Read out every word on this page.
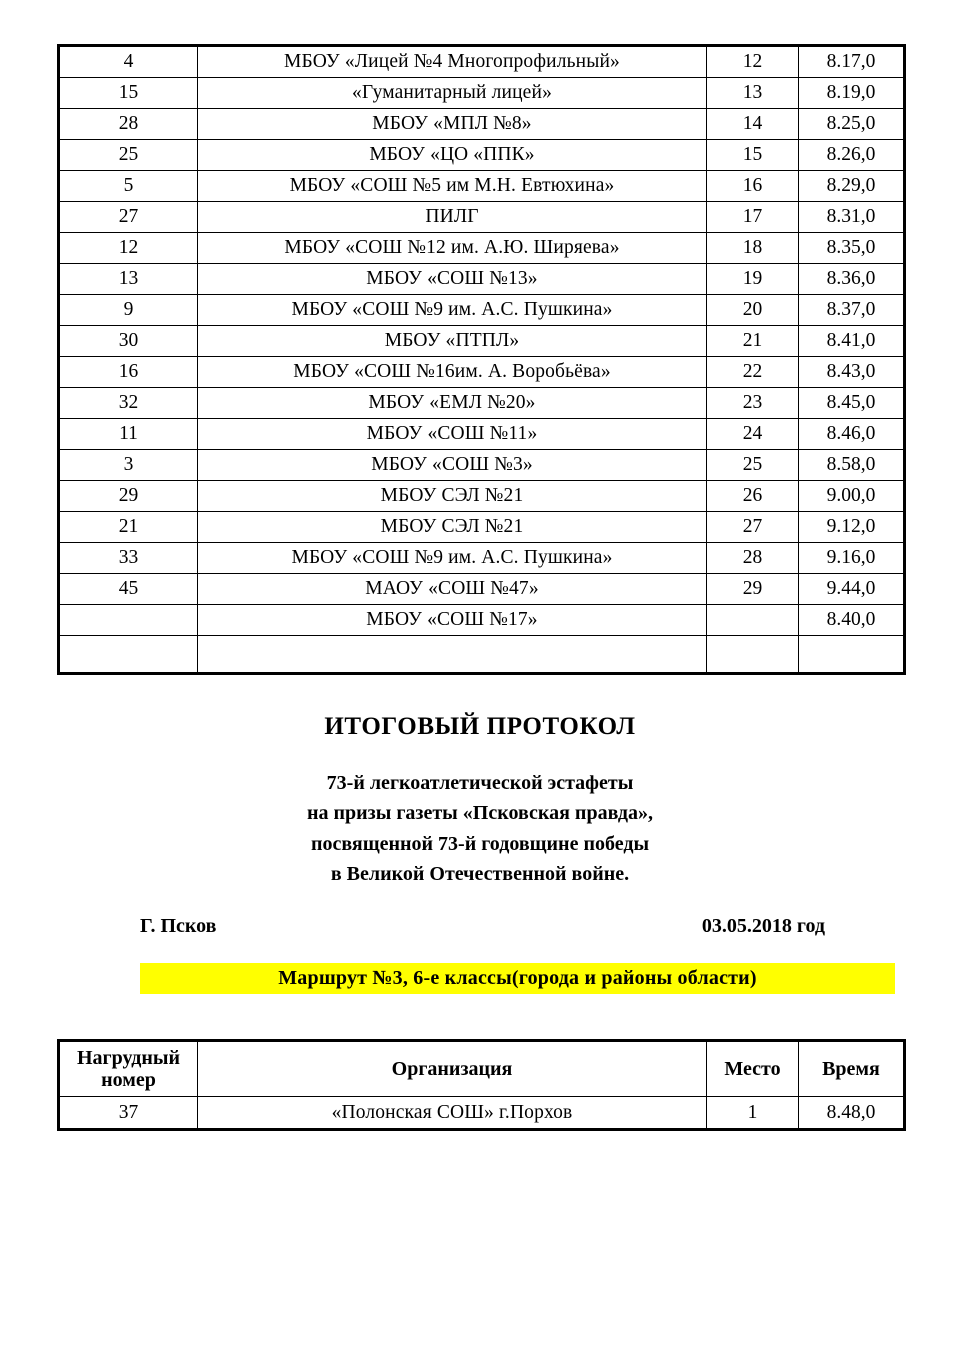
4	МБОУ «Лицей №4 Многопрофильный»	12	8.17,0
15	«Гуманитарный лицей»	13	8.19,0
28	МБОУ «МПЛ №8»	14	8.25,0
25	МБОУ «ЦО «ППК»	15	8.26,0
5	МБОУ «СОШ №5 им М.Н. Евтюхина»	16	8.29,0
27	ПИЛГ	17	8.31,0
12	МБОУ «СОШ №12 им. А.Ю. Ширяева»	18	8.35,0
13	МБОУ «СОШ №13»	19	8.36,0
9	МБОУ «СОШ №9 им. А.С. Пушкина»	20	8.37,0
30	МБОУ «ПТПЛ»	21	8.41,0
16	МБОУ «СОШ №16им. А. Воробьёва»	22	8.43,0
32	МБОУ «ЕМЛ №20»	23	8.45,0
11	МБОУ «СОШ №11»	24	8.46,0
3	МБОУ «СОШ №3»	25	8.58,0
29	МБОУ СЭЛ №21	26	9.00,0
21	МБОУ СЭЛ №21	27	9.12,0
33	МБОУ «СОШ №9 им. А.С. Пушкина»	28	9.16,0
45	МАОУ «СОШ №47»	29	9.44,0
	МБОУ «СОШ №17»		8.40,0

ИТОГОВЫЙ ПРОТОКОЛ
73-й легкоатлетической эстафеты
на призы газеты «Псковская правда»,
посвященной 73-й годовщине победы
в Великой Отечественной войне.
Г. Псков	03.05.2018 год
Маршрут №3, 6-е классы(города и районы области)
Нагрудный номер	Организация	Место	Время
37	«Полонская СОШ» г.Порхов	1	8.48,0
